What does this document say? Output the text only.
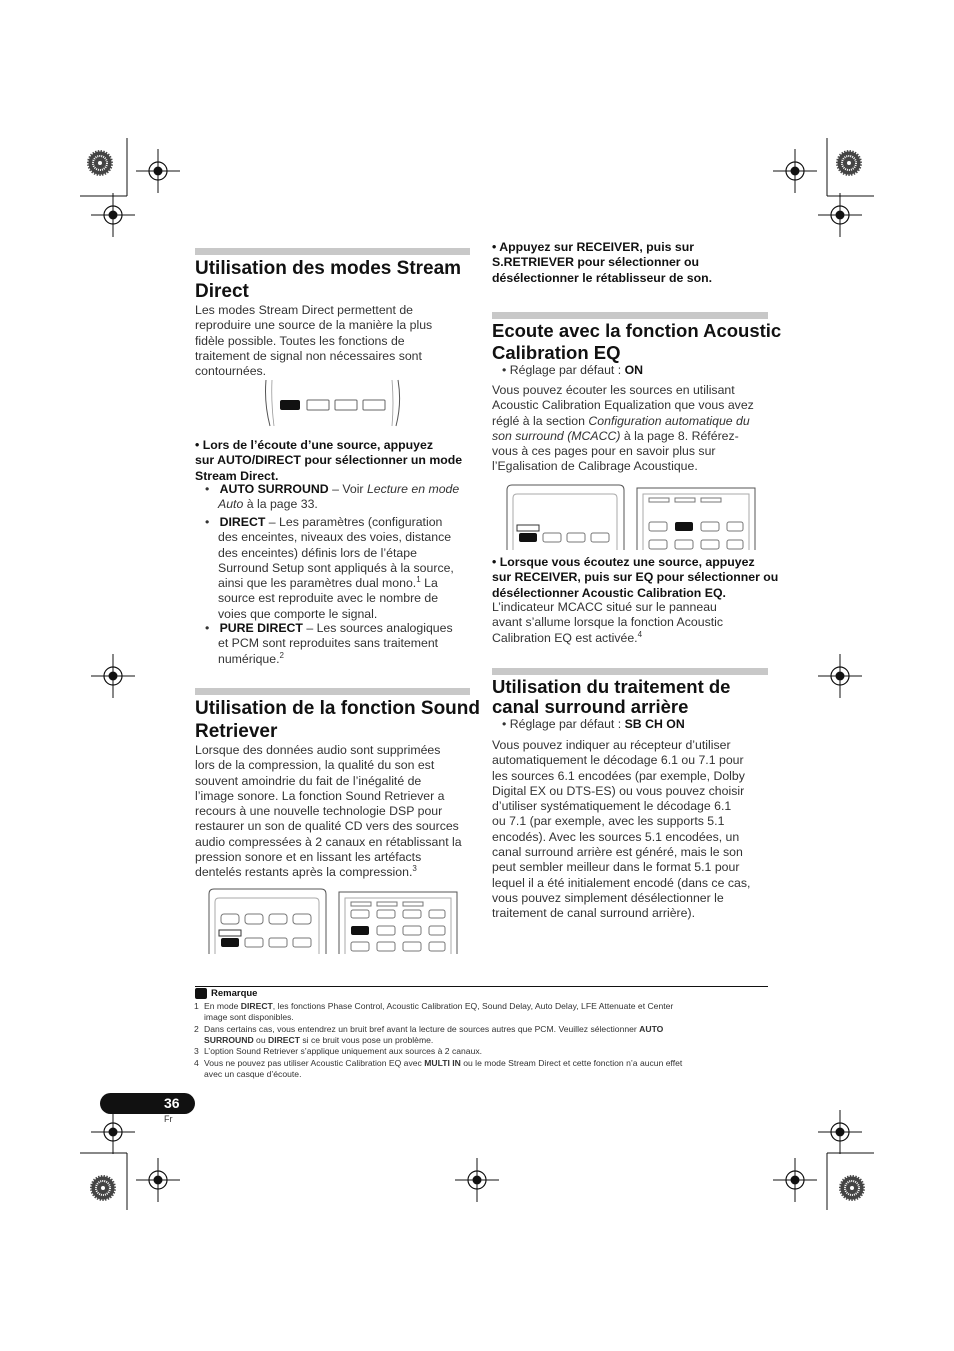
Utilisation des modes Stream
Direct
Les modes Stream Direct permettent de
reproduire une source de la manière la plus
fidèle possible. Toutes les fonctions de
traitement de signal non nécessaires sont
contournées.
• Lors de l’écoute d’une source, appuyez
sur AUTO/DIRECT pour sélectionner un mode
Stream Direct.
•   AUTO SURROUND – Voir Lecture en mode
Auto à la page 33.
•   DIRECT – Les paramètres (configuration
des enceintes, niveaux des voies, distance
des enceintes) définis lors de l’étape
Surround Setup sont appliqués à la source,
ainsi que les paramètres dual mono.$^1$ La
source est reproduite avec le nombre de
voies que comporte le signal.
•   PURE DIRECT – Les sources analogiques
et PCM sont reproduites sans traitement
numérique.$^2$
Utilisation de la fonction Sound
Retriever
Lorsque des données audio sont supprimées
lors de la compression, la qualité du son est
souvent amoindrie du fait de l’inégalité de
l’image sonore. La fonction Sound Retriever a
recours à une nouvelle technologie DSP pour
restaurer un son de qualité CD vers des sources
audio compressées à 2 canaux en rétablissant la
pression sonore et en lissant les artéfacts
dentelés restants après la compression.$^3$
• Appuyez sur RECEIVER, puis sur
S.RETRIEVER pour sélectionner ou
désélectionner le rétablisseur de son.
Ecoute avec la fonction Acoustic
Calibration EQ
• Réglage par défaut : ON
Vous pouvez écouter les sources en utilisant
Acoustic Calibration Equalization que vous avez
réglé à la section Configuration automatique du
son surround (MCACC) à la page 8. Référez-
vous à ces pages pour en savoir plus sur
l’Egalisation de Calibrage Acoustique.
• Lorsque vous écoutez une source, appuyez
sur RECEIVER, puis sur EQ pour sélectionner ou
désélectionner Acoustic Calibration EQ.
L’indicateur MCACC situé sur le panneau
avant s’allume lorsque la fonction Acoustic
Calibration EQ est activée.$^4$
Utilisation du traitement de
canal surround arrière
• Réglage par défaut : SB CH ON
Vous pouvez indiquer au récepteur d’utiliser
automatiquement le décodage 6.1 ou 7.1 pour
les sources 6.1 encodées (par exemple, Dolby
Digital EX ou DTS-ES) ou vous pouvez choisir
d’utiliser systématiquement le décodage 6.1
ou 7.1 (par exemple, avec les supports 5.1
encodés). Avec les sources 5.1 encodées, un
canal surround arrière est généré, mais le son
peut sembler meilleur dans le format 5.1 pour
lequel il a été initialement encodé (dans ce cas,
vous pouvez simplement désélectionner le
traitement de canal surround arrière).
Remarque
1 En mode DIRECT, les fonctions Phase Control, Acoustic Calibration EQ, Sound Delay, Auto Delay, LFE Attenuate et Center
image sont disponibles.
2 Dans certains cas, vous entendrez un bruit bref avant la lecture de sources autres que PCM. Veuillez sélectionner AUTO
SURROUND ou DIRECT si ce bruit vous pose un problème.
3 L’option Sound Retriever s’applique uniquement aux sources à 2 canaux.
4 Vous ne pouvez pas utiliser Acoustic Calibration EQ avec MULTI IN ou le mode Stream Direct et cette fonction n’a aucun effet
avec un casque d’écoute.
36
Fr
